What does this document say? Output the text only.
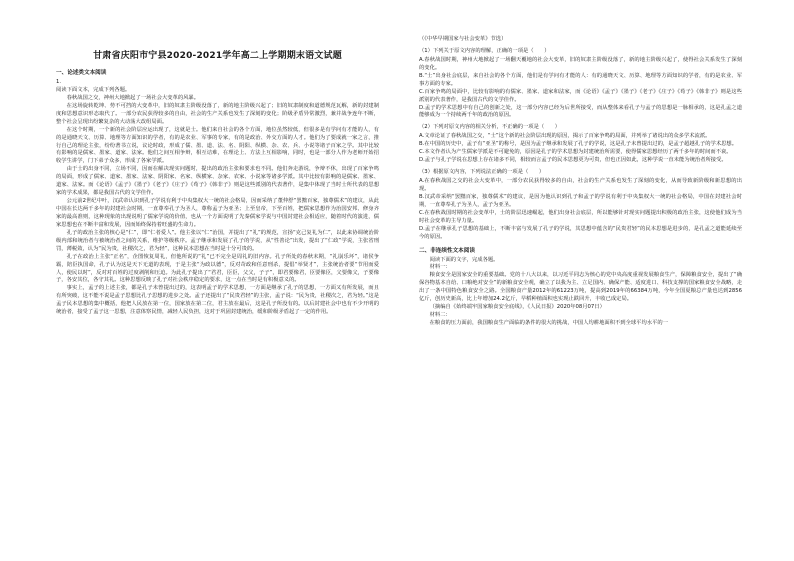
甘肃省庆阳市宁县2020-2021学年高二上学期期末语文试题
一、论述类文本阅读

1.

阅读下面文本，完成下列各题。

春秋战国之交，神州大地掀起了一场社会大变革的风暴。

在这场旋转乾坤、势不可挡的大变革中，旧的奴隶主阶级没落了，新的地主阶级兴起了；旧的奴隶制度和道德规范瓦解，新的封建制度和思想意识形态取代了。一部分农民获得较多的自由，社会的生产关系也发生了深刻的变化；阶级矛盾异常激烈，兼并战争连年不断，整个社会呈现出纷繁复杂的大动荡大改组局面。

在这个时期，一个新的社会阶层应运出现了，这就是士。他们来自社会的各个方面，地位虽然较低，但很多是有学问有才能的人，有的是通晓天文、历算、地理等方面知识的学者，有的是农业、军事的专家，有的是政治、外交方面的人才。他们为了要成就一家之言，推行自己的理论主张，纷纷著书立说，议论时政，形成了儒、墨、道、法、名、阴阳、纵横、杂、农、兵、小说等诸子百家之学。其中比较有影响的是儒家、墨家、道家、法家。他们之间互相争辩，相互诘难，在理论上、方法上互相影响，同时，也是一部分人作为老师开始招收学生讲学，门下弟子众多，形成了各家学派。

由于士的出身不同，立场不同，因而在解决现实问题时，提出的政治主张和要求也不同。他们奔走游说，争辩不休，出现了百家争鸣的局面，形成了儒家、道家、墨家、法家、阴阳家、名家、纵横家、杂家、农家、小说家等诸多学派。其中比较有影响的是儒家、墨家、道家、法家。而《论语》《孟子》《墨子》《老子》《庄子》《荀子》《韩非子》则是这些派别的代表著作，是集中体现了当时士所代表的思想家的学术成果，都是我国古代的文学佳作。

公元前2世纪中叶，汉武帝认识到孔子学说有利于中央集权大一统的社会格局，因而采纳了董仲舒“罢黜百家，独尊儒术”的建议，从此中国在长达两千多年的封建社会时期，一直尊奉孔子为圣人，尊称孟子为亚圣；上至皇帝，下至百姓，把儒家思想作为治国安邦、修身齐家的最高准则，这种现象的出现说明了儒家学说的价值，也从一个方面说明了先秦儒家学说与中国封建社会相适应，随着时代的演进，儒家思想也在不断丰富和发展，因而始终保持着旺盛的生命力。

孔子的政治主张的核心是“仁”，即“仁者爱人”。他主张以“仁”治国，并提出了“礼”的规范，宣扬“克己复礼为仁”，以此来协调统治阶级内部和统治者与被统治者之间的关系，维护等级秩序。孟子继承和发展了孔子的学说，从“性善论”出发，提出了“仁政”学说，主张省刑罚，薄税敛，认为“民为贵，社稷次之，君为轻”，这种民本思想在当时是十分可贵的。

孔子在政治上主张“正名”，企图恢复周礼，但他所说的“礼”已不完全是周礼的旧内容。孔子所处的春秋末期，“礼崩乐坏”，诸侯争霸，陪臣执国命，孔子认为这是天下无道的表现，于是主张“为政以德”，反对苛政和任意刑杀，提倡“举贤才”，主张统治者要“节用而爱人，使民以时”，反对对百姓的过度剥削和压迫。为此孔子提出了“君君，臣臣，父父，子子”，即君要像君，臣要像臣，父要像父，子要像子，各安其位，各守其礼。这种思想反映了孔子对社会秩序稳定的要求，这一点在当时是有积极意义的。

事实上，孟子的上述主张，都是孔子未曾提出过的，这表明孟子的学术思想，一方面是继承了孔子的思想，一方面又有所发展，而且有所突破，这不能不说是孟子思想比孔子思想的进步之处。孟子还提出了“民贵君轻”的主张，孟子说：“民为贵，社稷次之，君为轻。”这是孟子民本思想的集中概括，他把人民放在第一位，国家放在第二位，君主放在最后，这是孔子所没有的。以后封建社会中也有不少开明的统治者，接受了孟子这一思想，注意体察民情，减轻人民负担，这对于巩固封建统治，缓和阶级矛盾起了一定的作用。

（《中华早期国家与社会变革》节选）

（1）下列关于原文内容的理解，正确的一项是（　　）
A.春秋战国时期，神州大地掀起了一场翻天覆地的社会大变革，旧的奴隶主阶级没落了，新的地主阶级兴起了，使得社会关系发生了深刻的变化。
B.“士”出身社会底层，来自社会的各个方面，他们是有学问有才能的人：有的通晓天文、历算、地理等方面知识的学者，有的是农业、军事方面的专家。
C.百家争鸣的局面中，比较有影响的有儒家、墨家、道家和法家，而《论语》《孟子》《墨子》《老子》《庄子》《荀子》《韩非子》则是这些派别的代表著作，是我国古代的文学佳作。
D.孟子的学术思想中有自己的创新之处，这一部分内容已经为后世所接受，而从整体来看孔子与孟子的思想是一脉相承的，这是孔孟之道能够成为一个持续两千年的政治的原因。
（2）下列对原文内容的相关分析，不正确的一项是（　　）
A.文章论证了春秋战国之交，“士”这个新的社会阶层出现的原因，揭示了百家争鸣的局面，并列举了诸说出的众多学术流派。
B.在中国的历史中，孟子有“亚圣”的称号，是因为孟子继承和发展了孔子的学说，这是孔子未曾提出过的，是孟子超越孔子的学术思想。
C.本文作者认为产生儒家学派是不可避免的，原因是孔子的学术思想为封建统治所需要，使得儒家思想经历了两千多年的时间而不衰。
D.孟子与孔子学说在思想上存在诸多不同，相较而言孟子的民本思想更为可贵，但也正因如此，这种学说一直未能为统治者所接受。
（3）根据原文内容，下列说法正确的一项是（　　）
A.在春秋战国之交的社会大变革中，一部分农民获得较多的自由，社会的生产关系也发生了深刻的变化，从而导致新阶级和新思想的出现。
B.汉武帝采纳“罢黜百家，独尊儒术”的建议，是因为他认识到孔子和孟子的学说有利于中央集权大一统的社会格局，中国在封建社会时期，一直尊奉孔子为圣人，孟子为亚圣。
C.在春秋战国时期的社会变革中，士的阶层迅速崛起，他们出身社会底层，所以能够针对现实问题提出积极的政治主张，这使他们成为当时社会变革的主导力量。
D.孟子在继承孔子思想的基础上，不断丰富与发展了孔子的学说，其思想中蕴含的“民贵君轻”的民本思想是进步的，是孔孟之道能延续至今的原因。
二、非连续性文本阅读

阅读下面的文字，完成各题。

材料一：

粮食安全是国家安全的重要基础。党的十八大以来，以习近平同志为核心的党中央高度重视发展粮食生产，保障粮食安全，提出了“确保谷物基本自给、口粮绝对安全”的新粮食安全观，确立了以我为主、立足国内、确保产能、适度进口、科技支撑的国家粮食安全战略，走出了一条中国特色粮食安全之路。全国粮食产量2012年的61223万吨，提高到2019年的66384万吨，今年全国夏粮总产量也达到2856亿斤，创历史新高，比上年增加24.2亿斤，早稻种植面积也实现止跌回升，丰收已成定局。

（摘编自《始终端牢国家粮食安全底线》，《人民日报》2020年08月07日）

材料二：

在粮食的压力面前，我国粮食生产面临的条件的很大的挑战，中国人均耕地面积不到全球平均水平的一
